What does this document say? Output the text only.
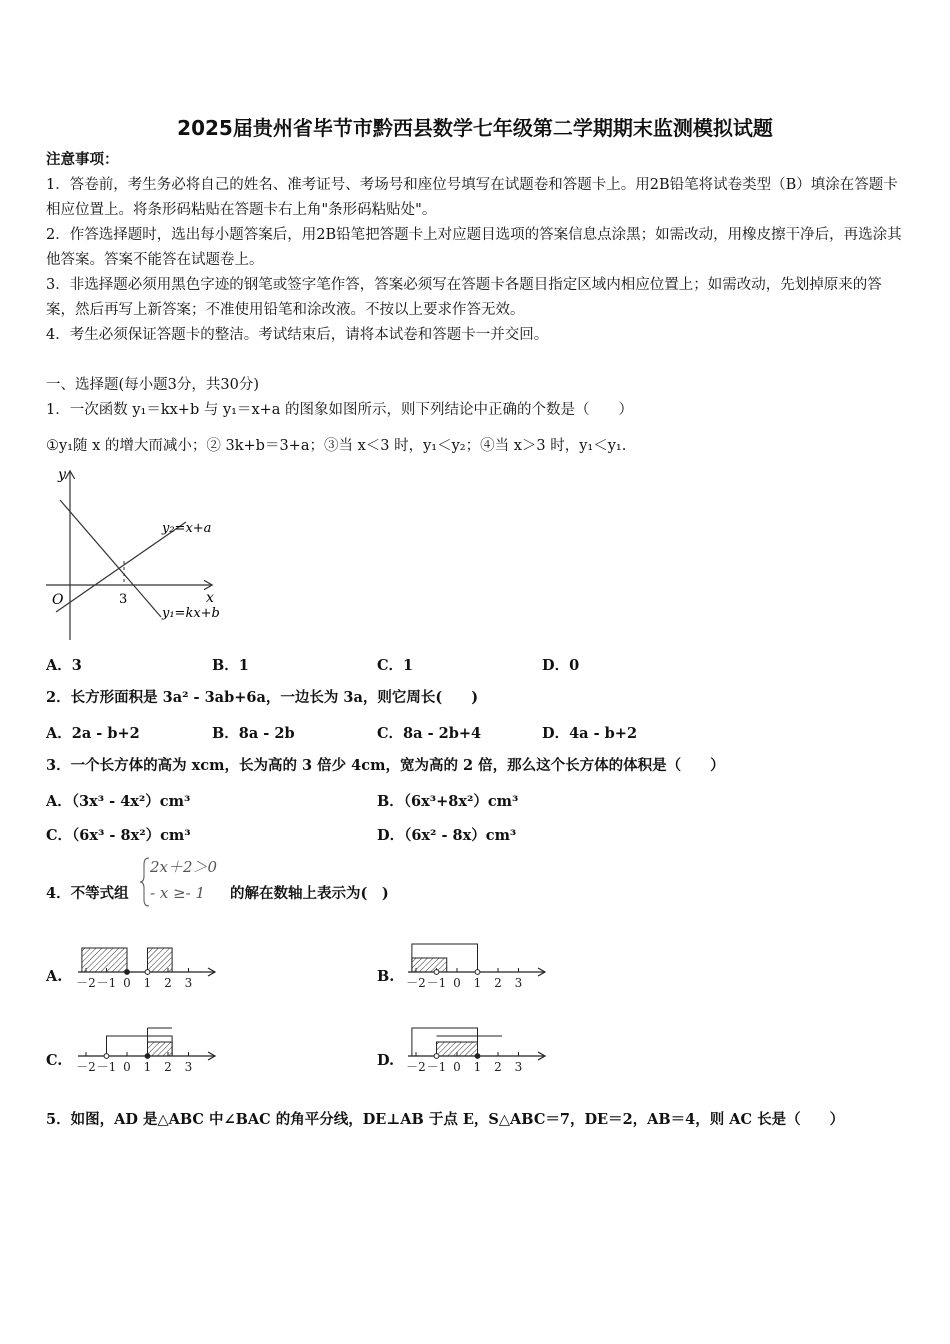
2025届贵州省毕节市黔西县数学七年级第二学期期末监测模拟试题
注意事项：
1．答卷前，考生务必将自己的姓名、准考证号、考场号和座位号填写在试题卷和答题卡上。用2B铅笔将试卷类型（B）填涂在答题卡相应位置上。将条形码粘贴在答题卡右上角"条形码粘贴处"。
2．作答选择题时，选出每小题答案后，用2B铅笔把答题卡上对应题目选项的答案信息点涂黑；如需改动，用橡皮擦干净后，再选涂其他答案。答案不能答在试题卷上。
3．非选择题必须用黑色字迹的钢笔或签字笔作答，答案必须写在答题卡各题目指定区域内相应位置上；如需改动，先划掉原来的答案，然后再写上新答案；不准使用铅笔和涂改液。不按以上要求作答无效。
4．考生必须保证答题卡的整洁。考试结束后，请将本试卷和答题卡一并交回。
一、选择题(每小题3分，共30分)
1．一次函数 y₁＝kx+b 与 y₁＝x+a 的图象如图所示，则下列结论中正确的个数是（　　）
①y₁随 x 的增大而减小；② 3k+b＝3+a；③当 x＜3 时，y₁＜y₂；④当 x＞3 时，y₁＜y₁.
y
x
O	3
y₂=x+a
y₁=kx+b
A．3	B．1	C．1	D．0
2．长方形面积是 3a² - 3ab+6a，一边长为 3a，则它周长(　　)
A．2a - b+2	B．8a - 2b	C．8a - 2b+4	D．4a - b+2
3．一个长方体的高为 xcm，长为高的 3 倍少 4cm，宽为高的 2 倍，那么这个长方体的体积是（　　）
A．（3x³ - 4x²）cm³	B．（6x³+8x²）cm³
C．（6x³ - 8x²）cm³	D．（6x² - 8x）cm³
4．不等式组
2x＋2＞0
- x ≥- 1 的解在数轴上表示为(　)
A.	B.
C.	D.
－2 －1 0 1 2 3	－2 －1 0 1 2 3
－2 －1 0 1 2 3	－2 －1 0 1 2 3
5．如图，AD 是△ABC 中∠BAC 的角平分线，DE⊥AB 于点 E，S△ABC＝7，DE＝2，AB＝4，则 AC 长是（　　）
